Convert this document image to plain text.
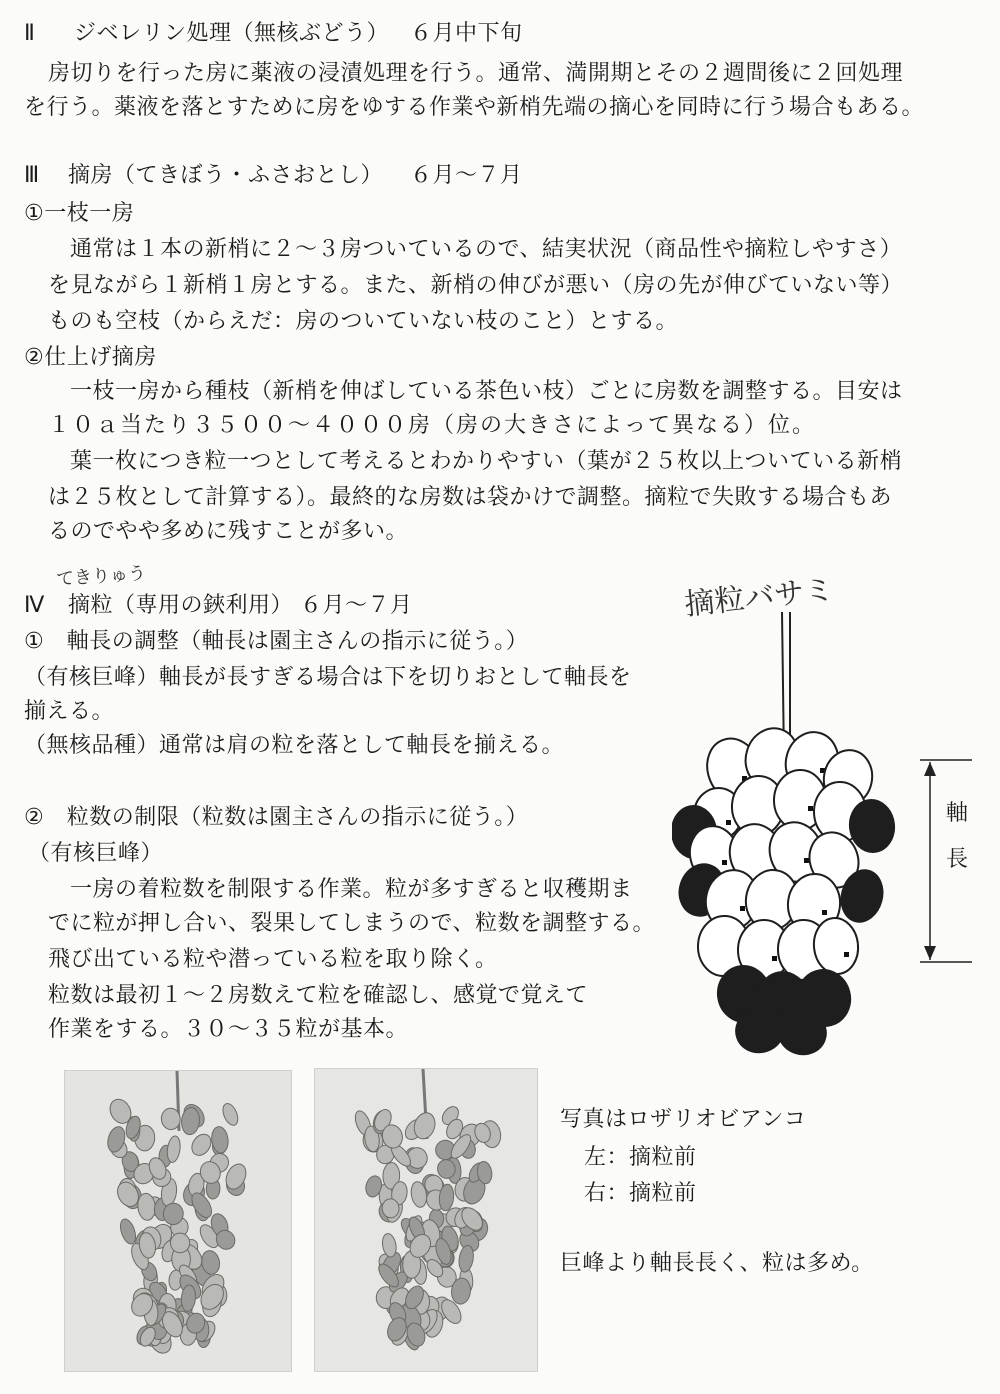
Ⅱ ジベレリン処理（無核ぶどう） ６月中下旬
房切りを行った房に薬液の浸漬処理を行う。通常、満開期とその２週間後に２回処理
を行う。薬液を落とすために房をゆする作業や新梢先端の摘心を同時に行う場合もある。
Ⅲ 摘房（てきぼう・ふさおとし） ６月～７月
①一枝一房
通常は１本の新梢に２～３房ついているので、結実状況（商品性や摘粒しやすさ）
を見ながら１新梢１房とする。また、新梢の伸びが悪い（房の先が伸びていない等）
ものも空枝（からえだ：房のついていない枝のこと）とする。
②仕上げ摘房
一枝一房から種枝（新梢を伸ばしている茶色い枝）ごとに房数を調整する。目安は
１０ａ当たり３５００～４０００房（房の大きさによって異なる）位。
葉一枚につき粒一つとして考えるとわかりやすい（葉が２５枚以上ついている新梢
は２５枚として計算する）。最終的な房数は袋かけで調整。摘粒で失敗する場合もあ
るのでやや多めに残すことが多い。
てきりゅう
Ⅳ 摘粒（専用の鋏利用） ６月～７月
①　軸長の調整（軸長は園主さんの指示に従う。）
（有核巨峰）軸長が長すぎる場合は下を切りおとして軸長を
揃える。
（無核品種）通常は肩の粒を落として軸長を揃える。
②　粒数の制限（粒数は園主さんの指示に従う。）
（有核巨峰）
一房の着粒数を制限する作業。粒が多すぎると収穫期ま
でに粒が押し合い、裂果してしまうので、粒数を調整する。
飛び出ている粒や潜っている粒を取り除く。
粒数は最初１～２房数えて粒を確認し、感覚で覚えて
作業をする。３０～３５粒が基本。
摘粒バサミ
軸
長
写真はロザリオビアンコ
左：摘粒前
右：摘粒前
巨峰より軸長長く、粒は多め。
